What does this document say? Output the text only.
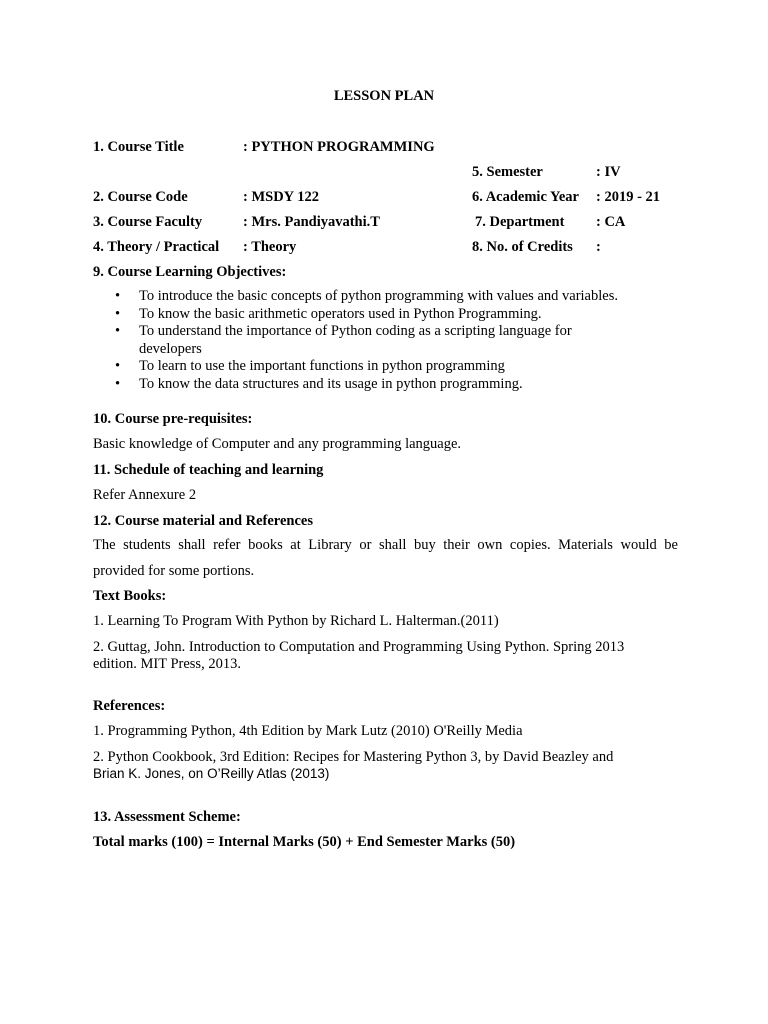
LESSON PLAN
1. Course Title	: PYTHON PROGRAMMING
5. Semester	: IV
2. Course Code	: MSDY 122	6. Academic Year : 2019 - 21
3. Course Faculty	: Mrs. Pandiyavathi.T	7. Department : CA
4. Theory / Practical : Theory	8. No. of Credits :
9. Course Learning Objectives:
• To introduce the basic concepts of python programming with values and variables.
• To know the basic arithmetic operators used in Python Programming.
• To understand the importance of Python coding as a scripting language for developers
• To learn to use the important functions in python programming
• To know the data structures and its usage in python programming.
10. Course pre-requisites:
Basic knowledge of Computer and any programming language.
11. Schedule of teaching and learning
Refer Annexure 2
12. Course material and References
The students shall refer books at Library or shall buy their own copies. Materials would be
provided for some portions.
Text Books:
1. Learning To Program With Python by Richard L. Halterman.(2011)
2. Guttag, John. Introduction to Computation and Programming Using Python. Spring 2013
edition. MIT Press, 2013.
References:
1. Programming Python, 4th Edition by Mark Lutz (2010) O'Reilly Media
2. Python Cookbook, 3rd Edition: Recipes for Mastering Python 3, by David Beazley and
Brian K. Jones, on O’Reilly Atlas (2013)
13. Assessment Scheme:
Total marks (100) = Internal Marks (50) + End Semester Marks (50)
